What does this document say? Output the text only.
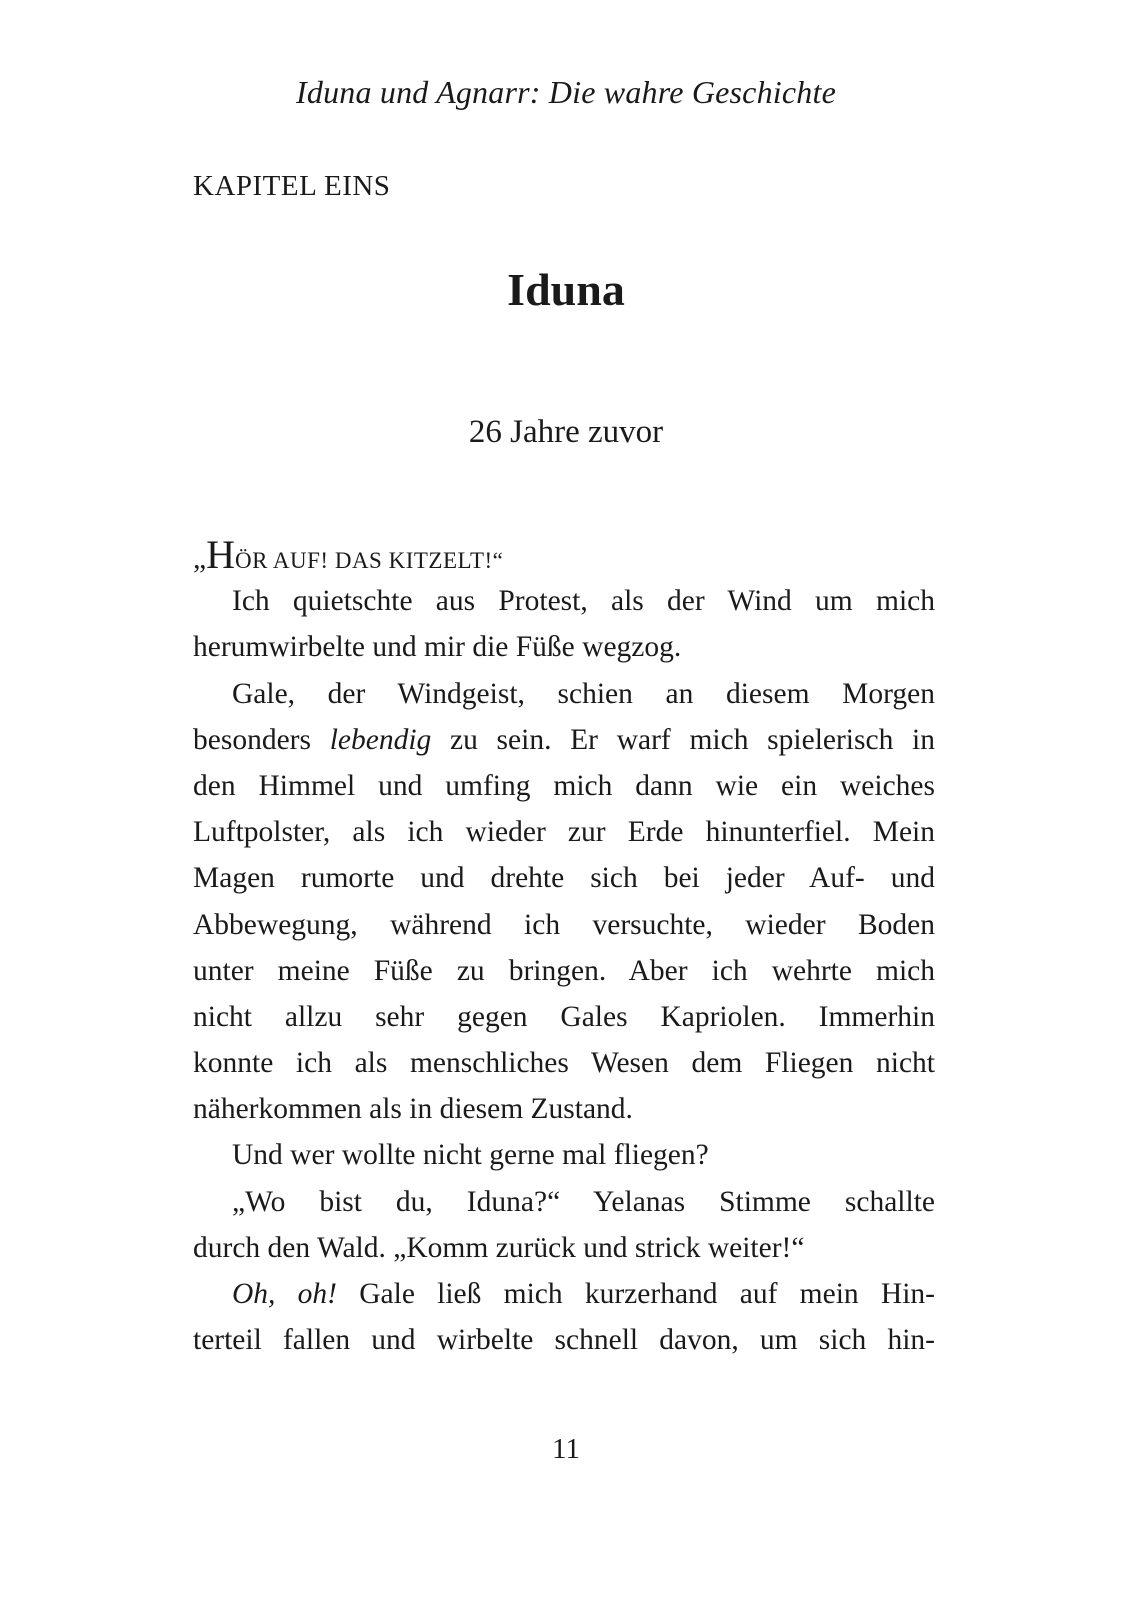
Iduna und Agnarr: Die wahre Geschichte
KAPITEL EINS
Iduna
26 Jahre zuvor
„HÖR AUF! DAS KITZELT!“
Ich quietschte aus Protest, als der Wind um mich
herumwirbelte und mir die Füße wegzog.
Gale, der Windgeist, schien an diesem Morgen
besonders lebendig zu sein. Er warf mich spielerisch in
den Himmel und umfing mich dann wie ein weiches
Luftpolster, als ich wieder zur Erde hinunterfiel. Mein
Magen rumorte und drehte sich bei jeder Auf- und
Abbewegung, während ich versuchte, wieder Boden
unter meine Füße zu bringen. Aber ich wehrte mich
nicht allzu sehr gegen Gales Kapriolen. Immerhin
konnte ich als menschliches Wesen dem Fliegen nicht
näherkommen als in diesem Zustand.
Und wer wollte nicht gerne mal fliegen?
„Wo bist du, Iduna?“ Yelanas Stimme schallte
durch den Wald. „Komm zurück und strick weiter!“
Oh, oh! Gale ließ mich kurzerhand auf mein Hin-
terteil fallen und wirbelte schnell davon, um sich hin-
11
